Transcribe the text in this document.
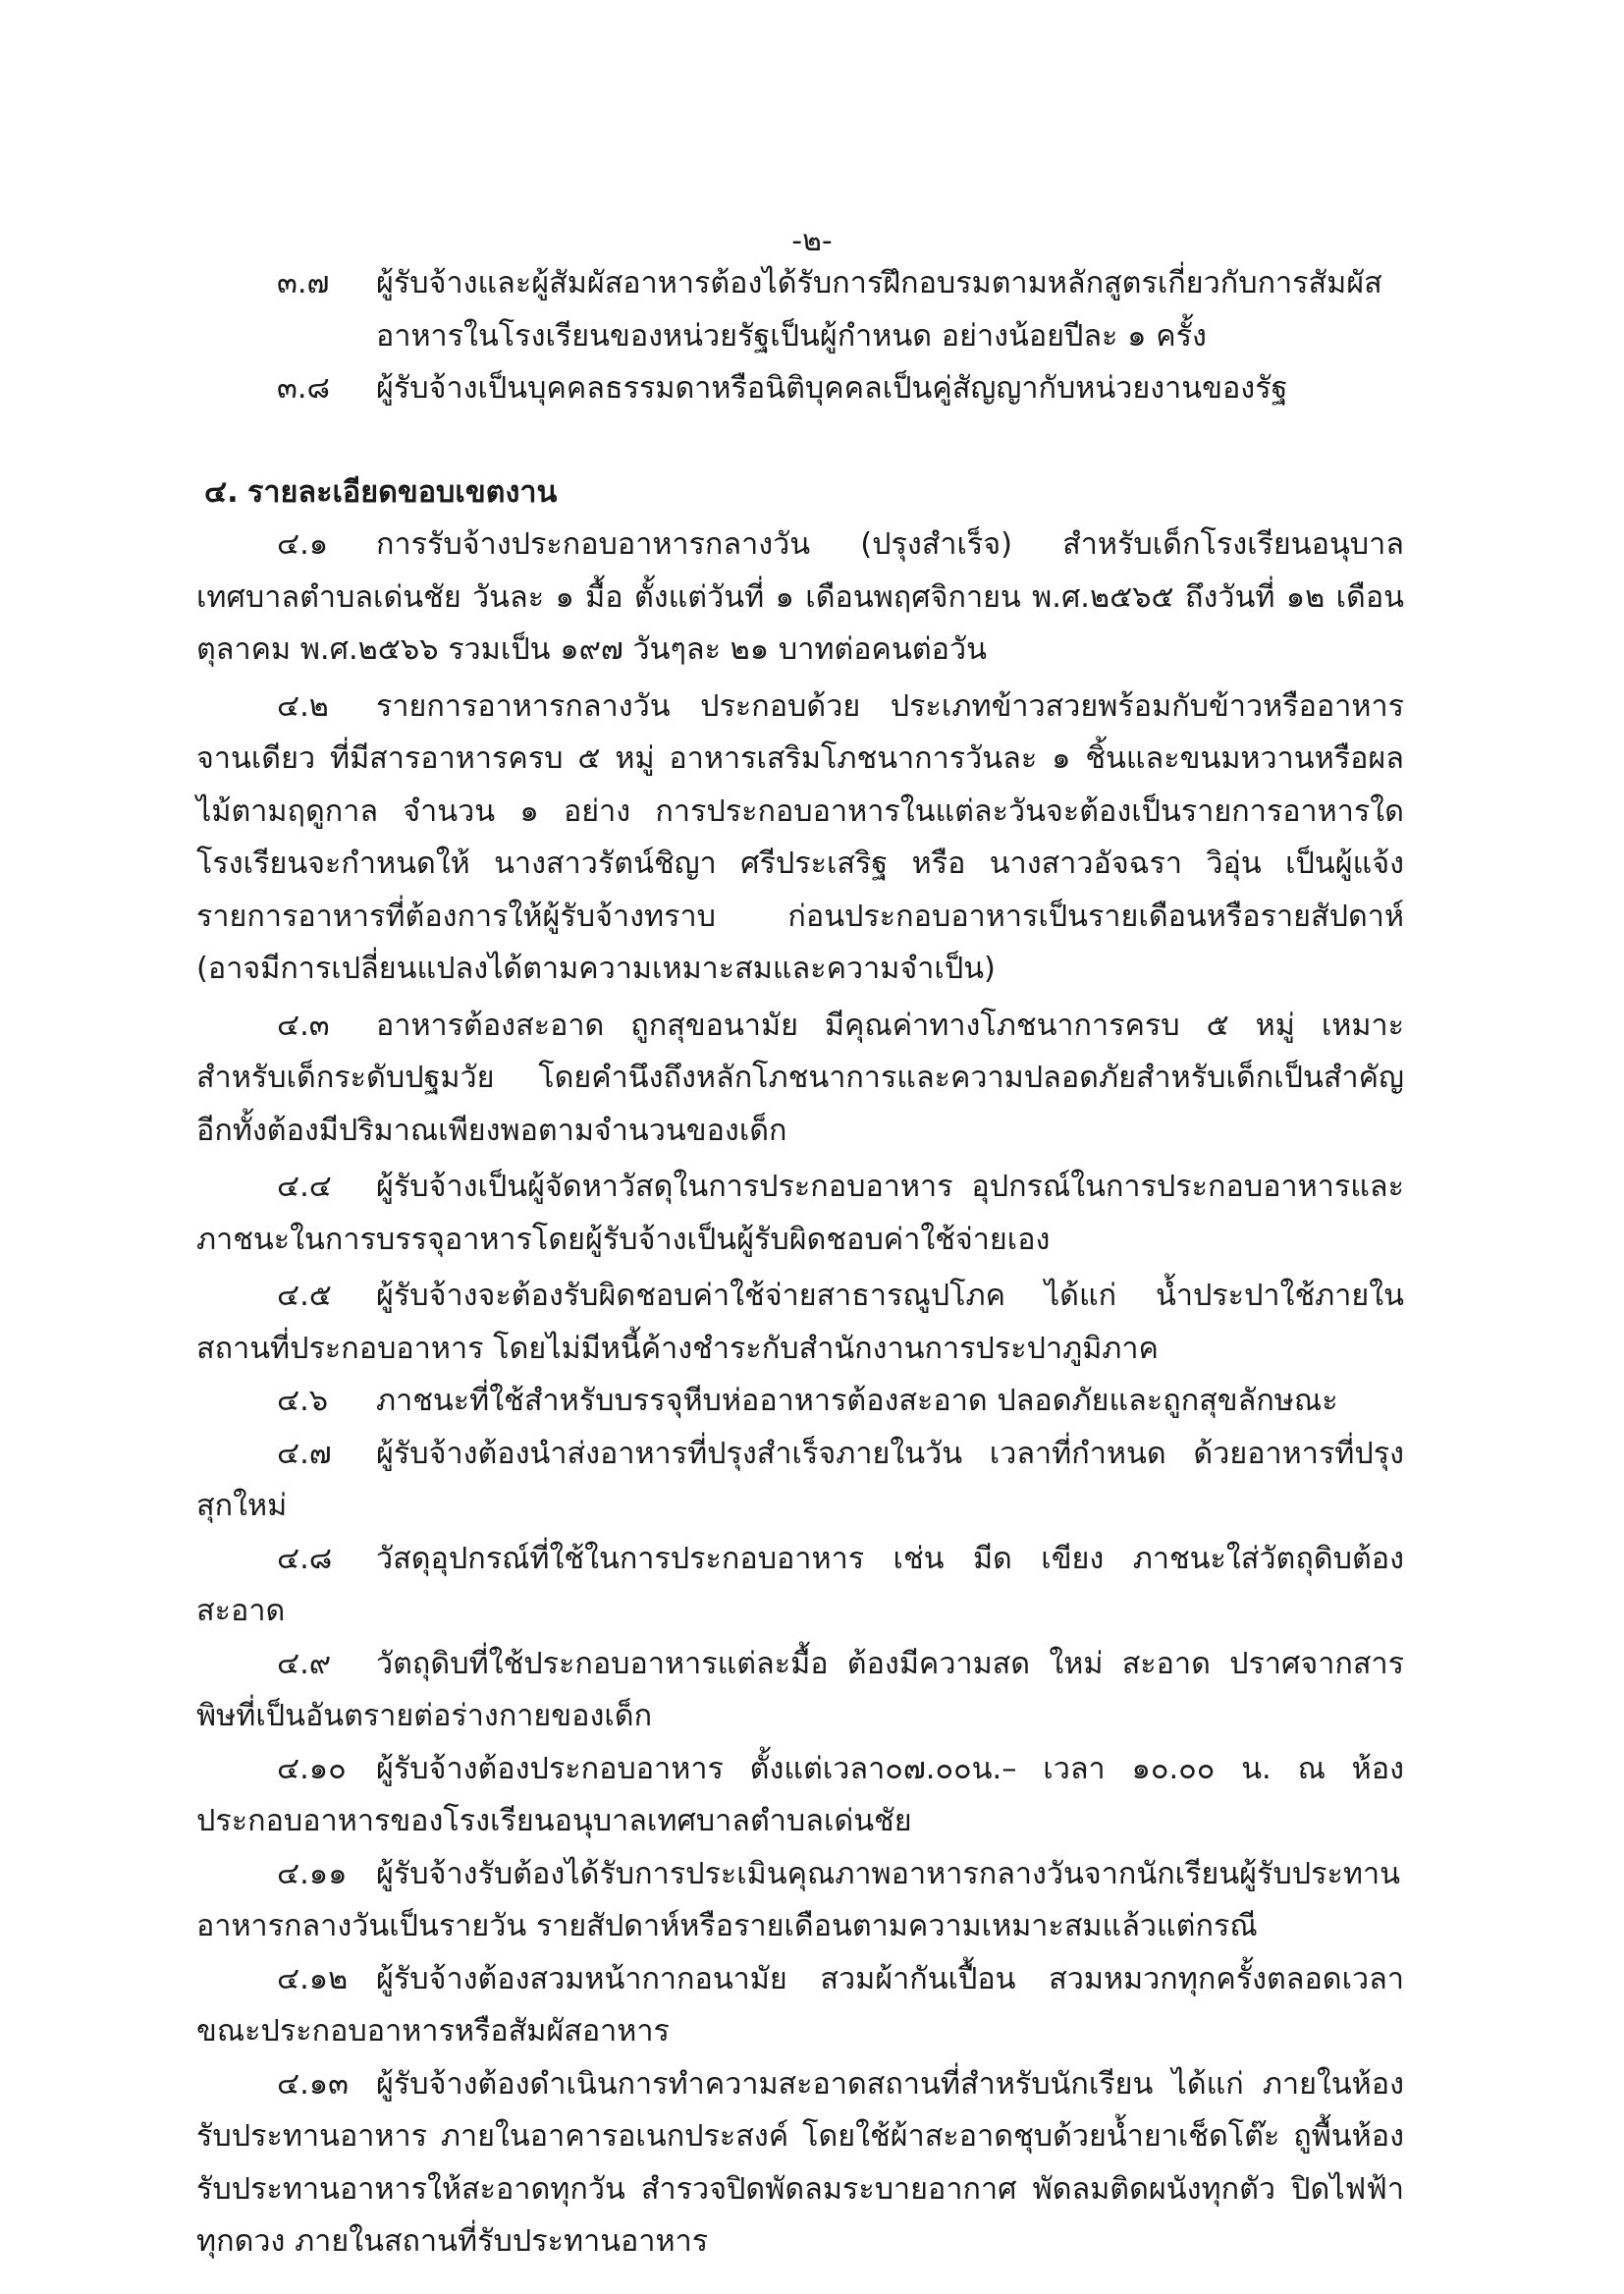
-๒-
๓.๗ ผู้รับจ้างและผู้สัมผัสอาหารต้องได้รับการฝึกอบรมตามหลักสูตรเกี่ยวกับการสัมผัสอาหารในโรงเรียนของหน่วยรัฐเป็นผู้กำหนด อย่างน้อยปีละ ๑ ครั้ง
๓.๘ ผู้รับจ้างเป็นบุคคลธรรมดาหรือนิติบุคคลเป็นคู่สัญญากับหน่วยงานของรัฐ
๔. รายละเอียดขอบเขตงาน
๔.๑ การรับจ้างประกอบอาหารกลางวัน (ปรุงสำเร็จ) สำหรับเด็กโรงเรียนอนุบาลเทศบาลตำบลเด่นชัย วันละ ๑ มื้อ ตั้งแต่วันที่ ๑ เดือนพฤศจิกายน พ.ศ.๒๕๖๕ ถึงวันที่ ๑๒ เดือนตุลาคม พ.ศ.๒๕๖๖ รวมเป็น ๑๙๗ วันๆละ ๒๑ บาทต่อคนต่อวัน
๔.๒ รายการอาหารกลางวัน ประกอบด้วย ประเภทข้าวสวยพร้อมกับข้าวหรืออาหารจานเดียว ที่มีสารอาหารครบ ๕ หมู่ อาหารเสริมโภชนาการวันละ ๑ ชิ้นและขนมหวานหรือผลไม้ตามฤดูกาล จำนวน ๑ อย่าง การประกอบอาหารในแต่ละวันจะต้องเป็นรายการอาหารใด โรงเรียนจะกำหนดให้ นางสาวรัตน์ชิญา ศรีประเสริฐ หรือ นางสาวอัจฉรา วิอุ่น เป็นผู้แจ้งรายการอาหารที่ต้องการให้ผู้รับจ้างทราบ ก่อนประกอบอาหารเป็นรายเดือนหรือรายสัปดาห์ (อาจมีการเปลี่ยนแปลงได้ตามความเหมาะสมและความจำเป็น)
๔.๓ อาหารต้องสะอาด ถูกสุขอนามัย มีคุณค่าทางโภชนาการครบ ๕ หมู่ เหมาะสำหรับเด็กระดับปฐมวัย โดยคำนึงถึงหลักโภชนาการและความปลอดภัยสำหรับเด็กเป็นสำคัญ อีกทั้งต้องมีปริมาณเพียงพอตามจำนวนของเด็ก
๔.๔ ผู้รับจ้างเป็นผู้จัดหาวัสดุในการประกอบอาหาร อุปกรณ์ในการประกอบอาหารและภาชนะในการบรรจุอาหารโดยผู้รับจ้างเป็นผู้รับผิดชอบค่าใช้จ่ายเอง
๔.๕ ผู้รับจ้างจะต้องรับผิดชอบค่าใช้จ่ายสาธารณูปโภค ได้แก่ น้ำประปาใช้ภายในสถานที่ประกอบอาหาร โดยไม่มีหนี้ค้างชำระกับสำนักงานการประปาภูมิภาค
๔.๖ ภาชนะที่ใช้สำหรับบรรจุหีบห่ออาหารต้องสะอาด ปลอดภัยและถูกสุขลักษณะ
๔.๗ ผู้รับจ้างต้องนำส่งอาหารที่ปรุงสำเร็จภายในวัน เวลาที่กำหนด ด้วยอาหารที่ปรุงสุกใหม่
๔.๘ วัสดุอุปกรณ์ที่ใช้ในการประกอบอาหาร เช่น มีด เขียง ภาชนะใส่วัตถุดิบต้องสะอาด
๔.๙ วัตถุดิบที่ใช้ประกอบอาหารแต่ละมื้อ ต้องมีความสด ใหม่ สะอาด ปราศจากสารพิษที่เป็นอันตรายต่อร่างกายของเด็ก
๔.๑๐ ผู้รับจ้างต้องประกอบอาหาร ตั้งแต่เวลา๐๗.๐๐น.– เวลา ๑๐.๐๐ น. ณ ห้องประกอบอาหารของโรงเรียนอนุบาลเทศบาลตำบลเด่นชัย
๔.๑๑ ผู้รับจ้างรับต้องได้รับการประเมินคุณภาพอาหารกลางวันจากนักเรียนผู้รับประทานอาหารกลางวันเป็นรายวัน รายสัปดาห์หรือรายเดือนตามความเหมาะสมแล้วแต่กรณี
๔.๑๒ ผู้รับจ้างต้องสวมหน้ากากอนามัย สวมผ้ากันเปื้อน สวมหมวกทุกครั้งตลอดเวลาขณะประกอบอาหารหรือสัมผัสอาหาร
๔.๑๓ ผู้รับจ้างต้องดำเนินการทำความสะอาดสถานที่สำหรับนักเรียน ได้แก่ ภายในห้องรับประทานอาหาร ภายในอาคารอเนกประสงค์ โดยใช้ผ้าสะอาดชุบด้วยน้ำยาเช็ดโต๊ะ ถูพื้นห้องรับประทานอาหารให้สะอาดทุกวัน สำรวจปิดพัดลมระบายอากาศ พัดลมติดผนังทุกตัว ปิดไฟฟ้าทุกดวง ภายในสถานที่รับประทานอาหาร
